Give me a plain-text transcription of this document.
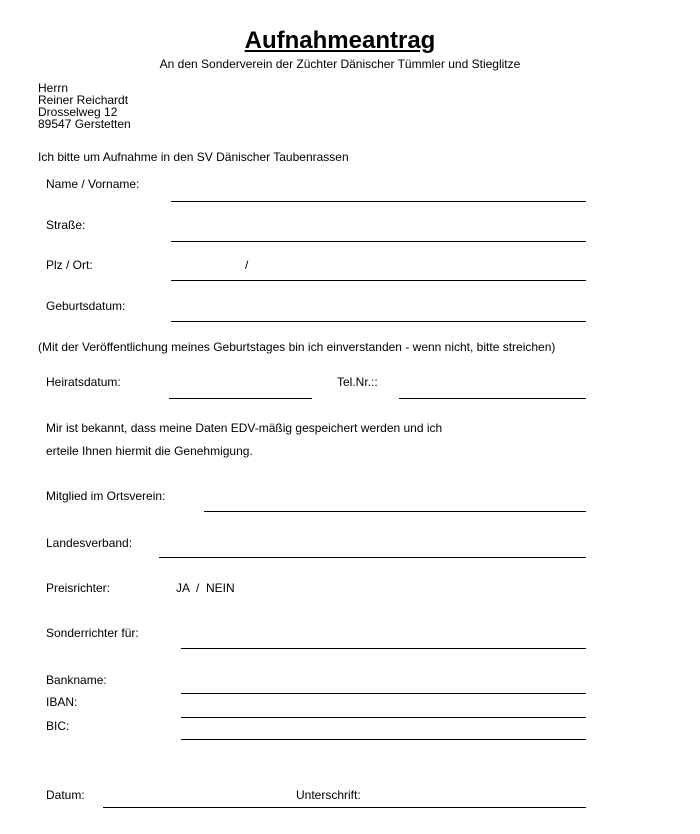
Aufnahmeantrag
An den Sonderverein der Züchter Dänischer Tümmler und Stieglitze
Herrn
Reiner Reichardt
Drosselweg 12
89547 Gerstetten
Ich bitte um Aufnahme in den SV Dänischer Taubenrassen
Name / Vorname:
Straße:
Plz / Ort:	/
Geburtsdatum:
(Mit der Veröffentlichung meines Geburtstages bin ich einverstanden - wenn nicht, bitte streichen)
Heiratsdatum:	Tel.Nr.::
Mir ist bekannt, dass meine Daten EDV-mäßig gespeichert werden und ich
erteile Ihnen hiermit die Genehmigung.
Mitglied im Ortsverein:
Landesverband:
Preisrichter:	JA  /  NEIN
Sonderrichter für:
Bankname:
IBAN:
BIC:
Datum:	Unterschrift:
